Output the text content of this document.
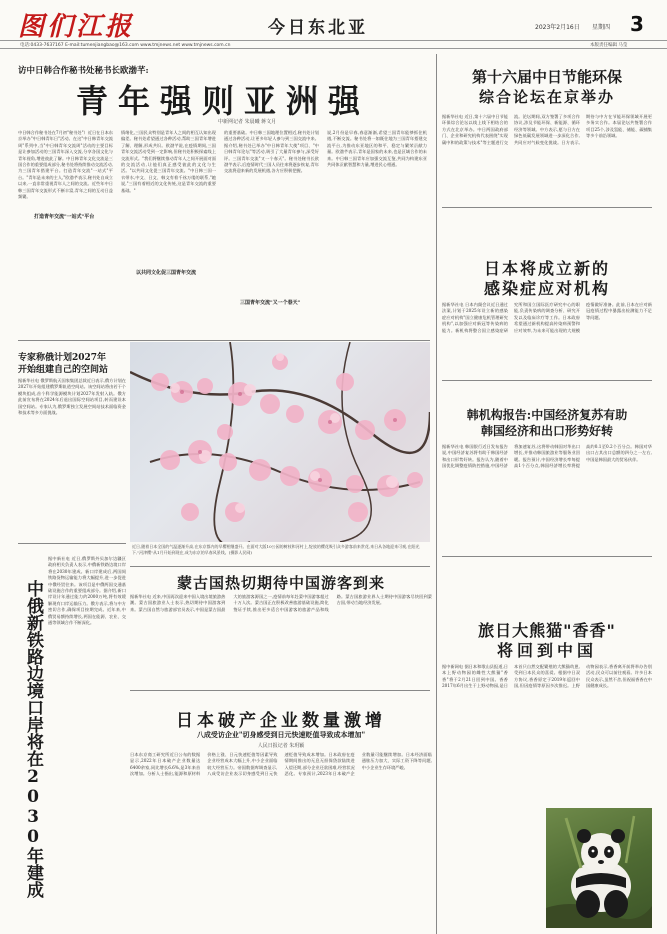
图们江报	今日东北亚	2023年2月16日 星期四 3
电话:0433-7637167 E-mail:tumenjiangbao@163.com www.tmjnews.net www.tmjnews.com.cn	本版责任编辑 马莹
访中日韩合作秘书处秘书长欧渤芊:
青年强则亚洲强
中新网记者 朱晨曦 蒋文月
中日韩合作秘书处在7月初"秘书处"）近日在日本东京举办"中日韩青年日"活动。在这"中日韩青年交流周"系列中,当"中日韩青年交流周"活动的主要目标是让参加活动的三国青年深入交流,分享各国文化与青年视角,增进彼此了解。中日韩青年文化交流是三国合作的重要组成部分,秘书处将持续推动交流活动,为三国青年搭建平台。打造青年交流"一站式"平台。"青年是未来的主人,"欧渤芊表示,秘书处自成立以来,一直非常重视青年人之间的交流。近些年中日韩三国青年交流形式不断丰富,青年之间的互动日益频繁。
打造青年交流"一站式"平台
情绪化,三国民众特别是青年人之间的相互认知出现偏差。秘书处希望通过各种活动,帮助三国青年增进了解、理解,形成共识。欧渤芊说,在疫情期间,三国青年交流活动受到一定影响,但秘书处积极探索线上交流形式。"我们将继续推动青年人之间开展面对面的交流活动,让他们真正感受彼此的文化与生活。"以共同文化促三国青年交流。"中日韩三国一衣带水,中文、日文、韩文有着千丝万缕的联系,"她说,"三国有着相近的文化传统,这是青年交流的重要基础。"
以共同文化促三国青年交流
的重要基础。中日韩三国地理位置相近,秘书处计划通过各种活动,让更多年轻人参与到三国交流中来。据介绍,秘书处已举办"中日韩青年大使"项目、"中日韩青年论坛"等活动,吸引了大量青年参与,深受好评。三国青年交流"又一个春天"。秘书处秘书长欧渤芊表示,后疫情时代三国人员往来将逐步恢复,青年交流将迎来新的发展机遇,各方应积极把握。
三国青年交流"又一个春天"
说,2月份是早春,春意渐渐,希望三国青年能够抓住机遇,不断交流。秘书处将一如既往地为三国青年搭建交流平台,为推动东亚地区的和平、稳定与繁荣贡献力量。欧渤芊表示,青年是国家的未来,也是区域合作的未来。中日韩三国青年应加强交流互鉴,共同为构建东亚共同体贡献智慧和力量,增进民心相通。
第十六届中日节能环保
综合论坛在京举办
据新华社电 近日,第十六届中日节能环保综合论坛以线上线下相结合的方式在北京举办。中日两国政府部门、企业和研究机构代表围绕"实现碳中和的政策与技术"等主题进行交流。论坛期间,双方签署了多项合作协议,涉及节能环保、新能源、循环经济等领域。中方表示,愿与日方在绿色低碳发展领域进一步深化合作,共同应对气候变化挑战。日方表示,期待与中方在节能环保领域开展更多务实合作。本届论坛共签署合作项目25个,涉及氢能、储能、碳捕集等多个前沿领域。
日本将成立新的
感染症应对机构
据新华社电 日本内阁会议近日通过法案,计划于2025年设立新的感染症应对机构"国立健康危机管理研究机构",以加强应对新冠等传染病的能力。新机构将整合国立感染症研究所和国立国际医疗研究中心的职能,负责传染病的调查分析、研究开发以及临床诊疗等工作。日本政府希望通过新机构提高传染病预警和应对效率,为未来可能出现的大规模疫情做好准备。此前,日本在应对新冠疫情过程中暴露出检测能力不足等问题。
韩机构报告:中国经济复苏有助
韩国经济和出口形势好转
据新华社电 韩国银行近日发布报告说,中国经济复苏将有助于韩国经济和出口形势好转。报告认为,随着中国优化调整疫情防控措施,中国经济将加速复苏,这将带动韩国对华出口增长,并推动韩国旅游业等服务业回暖。报告预计,中国经济增长率每提高1个百分点,韩国经济增长率将提高约0.1至0.2个百分点。韩国对华出口占其出口总额的四分之一左右,中国是韩国最大的贸易伙伴。
专家称俄计划2027年
开始组建自己的空间站
据新华社电 俄罗斯航天国家集团总裁近日表示,俄方计划在2027年开始组建俄罗斯轨道空间站。该空间站将由若干个模块组成,首个科学能源模块计划2027年发射入轨。俄方此前宣布将在2024年后退出国际空间站项目,转而建设本国空间站。专家认为,俄罗斯独立发展空间站技术面临资金和技术等多方面挑战。
中俄新铁路边境口岸将在2030年建成
据中新社电 近日,俄罗斯外贝加尔边疆区政府相关负责人表示,中俄新铁路边境口岸将在2030年建成。新口岸建成后,两国间铁路货物运输能力将大幅提升,进一步促进中俄经贸往来。该项目是中俄两国交通基础设施合作的重要组成部分。据介绍,新口岸设计年通过能力约2000万吨,将有效缓解现有口岸运输压力。俄方表示,将与中方密切合作,确保项目按期完成。近年来,中俄贸易额持续增长,两国在能源、农业、交通等领域合作不断深化。
近日,随着日本全国的气温逐渐升高,在东京都内的早樱相继盛开。在面对大阪10公园的树枝和河村上,绽放的樱花吸引众多游客前来赏花,来日从各地迎来可观,在阳光下,"河津樱"从1月开始到现在,成为东京的早春风景线。(摄影人民网)
蒙古国热切期待中国游客到来
据新华社电 近来,中国再次迎来中国入境出境旅游热潮。蒙古国旅游业人士表示,热切期待中国游客到来。蒙古国自然与旅游部官员表示,中国是蒙古国最大的旅游客源国之一,疫情前每年赴蒙中国游客超过十万人次。蒙古国正在积极改善旅游基础设施,简化签证手续,推出更多适合中国游客的旅游产品和线路。蒙古国旅游业界人士期待中国游客尽快回到蒙古国,带动当地经济发展。
日本破产企业数量激增
八成受访企业"切身感受到日元快速贬值导致成本增加"
人民日报记者 朱玥颖
日本东京商工研究所近日公布的数据显示,2022年日本破产企业数量达6400余家,同比增长6.6%,是3年来首次增加。分析人士指出,能源和原材料价格上涨、日元快速贬值等因素导致企业经营成本大幅上升,中小企业面临较大经营压力。帝国数据库调查显示,八成受访企业表示切身感受到日元快速贬值导致成本增加。日本政府在疫情期间推出的无息无担保贷款陆续进入偿还期,部分企业还款困难,经营状况恶化。专家预计,2023年日本破产企业数量可能继续增加。日本经济面临通胀压力加大、实际工资下降等问题,中小企业生存环境严峻。
旅日大熊猫"香香"
将回到中国
据中新网电 据日本和歌山县报道,日本上野动物园的雌性大熊猫"香香"将于2月21日回到中国。香香2017年6月出生于上野动物园,是日本首只自然交配繁殖的大熊猫幼崽,受到日本民众的喜爱。根据中日双方协议,香香原定于2019年返回中国,但因疫情等原因多次推迟。上野动物园表示,香香离开前将举办告别活动,民众可以前往观看。许多日本民众表示,虽然不舍,但祝福香香在中国健康成长。
